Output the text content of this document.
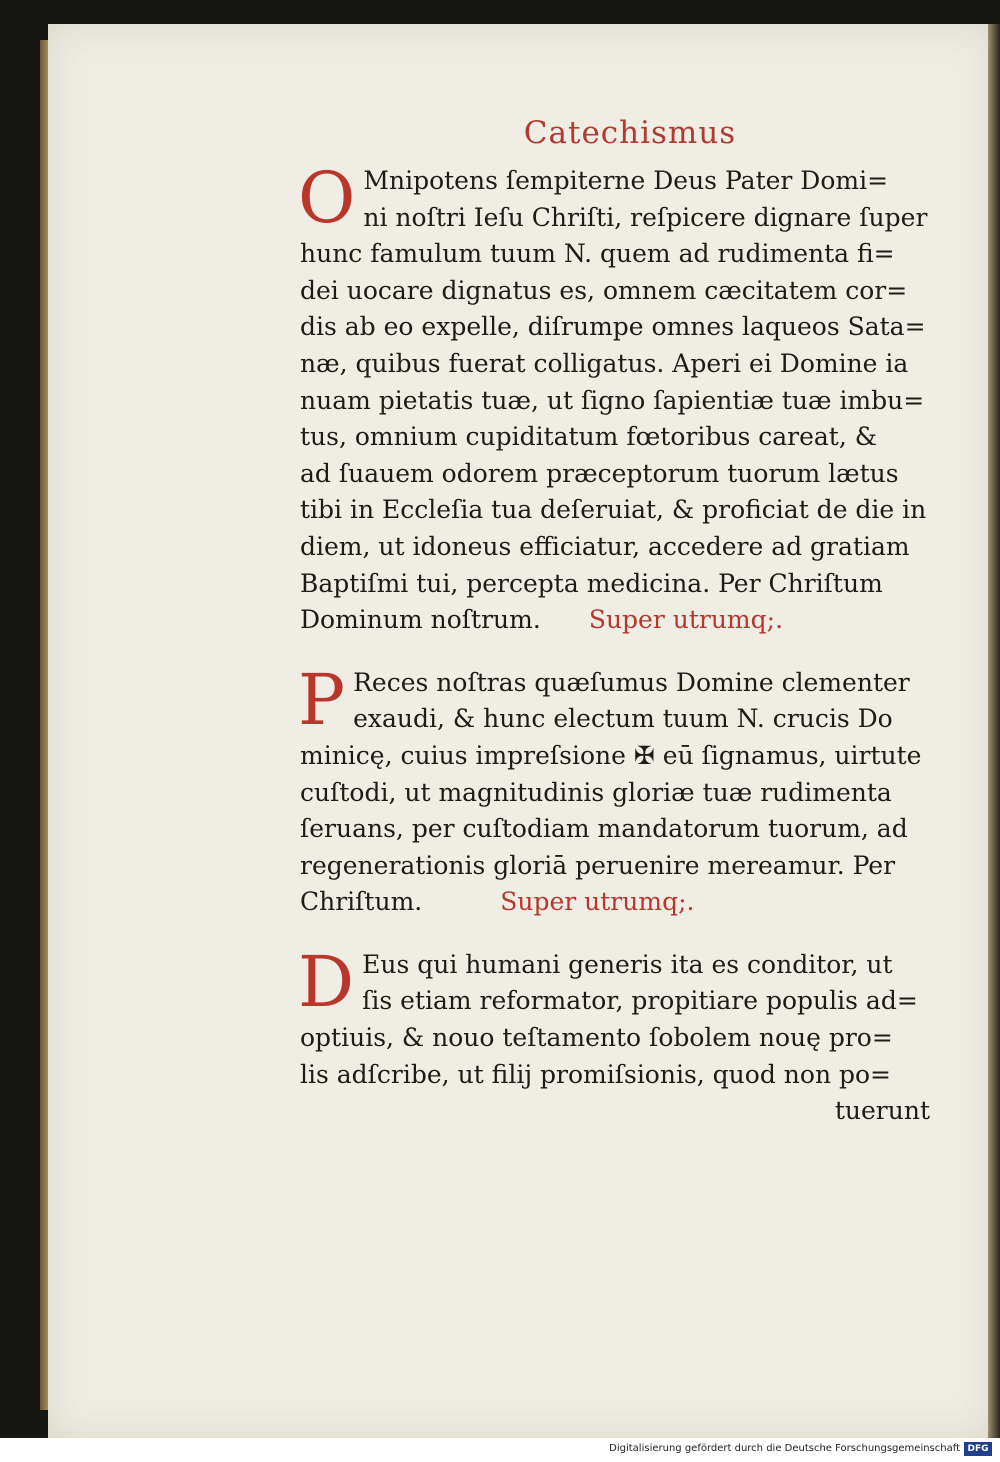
Catechismus
O Mnipotens ſempiterne Deus Pater Domi=
ni noſtri Ieſu Chriſti, reſpicere dignare ſuper
hunc famulum tuum N. quem ad rudimenta fi=
dei uocare dignatus es, omnem cæcitatem cor=
dis ab eo expelle, diſrumpe omnes laqueos Sata=
næ, quibus fuerat colligatus. Aperi ei Domine ia
nuam pietatis tuæ, ut ſigno ſapientiæ tuæ imbu=
tus, omnium cupiditatum fœtoribus careat, &
ad ſuauem odorem præceptorum tuorum lætus
tibi in Eccleſia tua deſeruiat, & proficiat de die in
diem, ut idoneus efficiatur, accedere ad gratiam
Baptiſmi tui, percepta medicina. Per Chriſtum
Dominum noſtrum. Super utrumq;.
P Reces noſtras quæſumus Domine clementer
exaudi, & hunc electum tuum N. crucis Do
minicę, cuius impreſsione ✠ eū ſignamus, uirtute
cuſtodi, ut magnitudinis gloriæ tuæ rudimenta
ſeruans, per cuſtodiam mandatorum tuorum, ad
regenerationis gloriā peruenire mereamur. Per
Chriſtum.	Super utrumq;.
D Eus qui humani generis ita es conditor, ut
ſis etiam reformator, propitiare populis ad=
optiuis, & nouo teſtamento ſobolem nouę pro=
lis adſcribe, ut filij promiſsionis, quod non po=
tuerunt
Digitalisierung gefördert durch die Deutsche Forschungsgemeinschaft DFG
